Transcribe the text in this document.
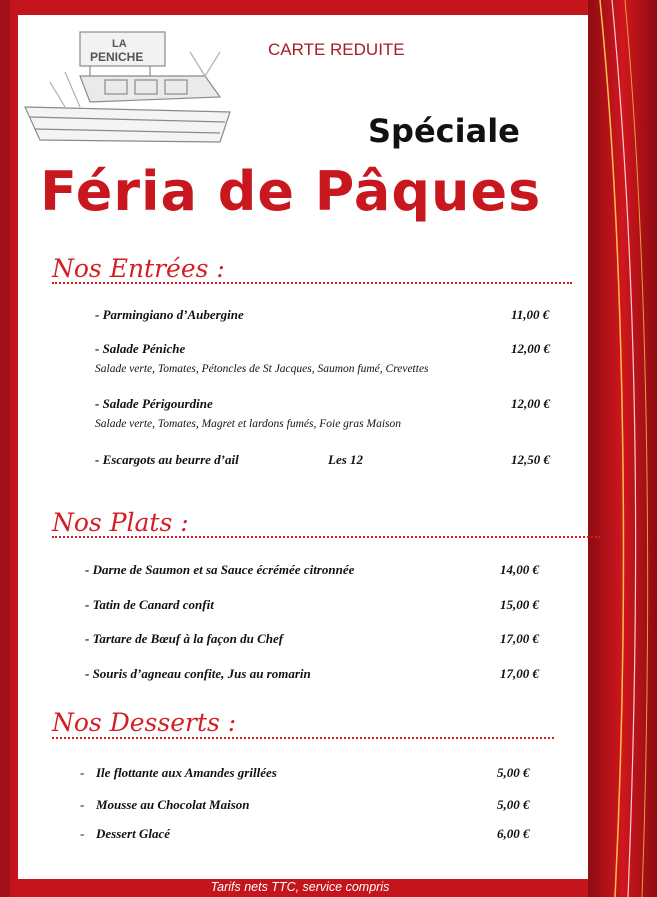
LA
PENICHE	CARTE REDUITE
Spéciale
Féria de Pâques
Nos Entrées :
- Parmingiano d’Aubergine	11,00 €
- Salade Péniche	12,00 €
Salade verte, Tomates, Pétoncles de St Jacques, Saumon fumé, Crevettes
- Salade Périgourdine	12,00 €
Salade verte, Tomates, Magret et lardons fumés, Foie gras Maison
- Escargots au beurre d’ail	Les 12	12,50 €
Nos Plats :
- Darne de Saumon et sa Sauce écrémée citronnée	14,00 €
- Tatin de Canard confit	15,00 €
- Tartare de Bœuf à la façon du Chef	17,00 €
- Souris d’agneau confite, Jus au romarin	17,00 €
Nos Desserts :
- Ile flottante aux Amandes grillées	5,00 €
- Mousse au Chocolat Maison	5,00 €
- Dessert Glacé	6,00 €
Tarifs nets TTC, service compris
